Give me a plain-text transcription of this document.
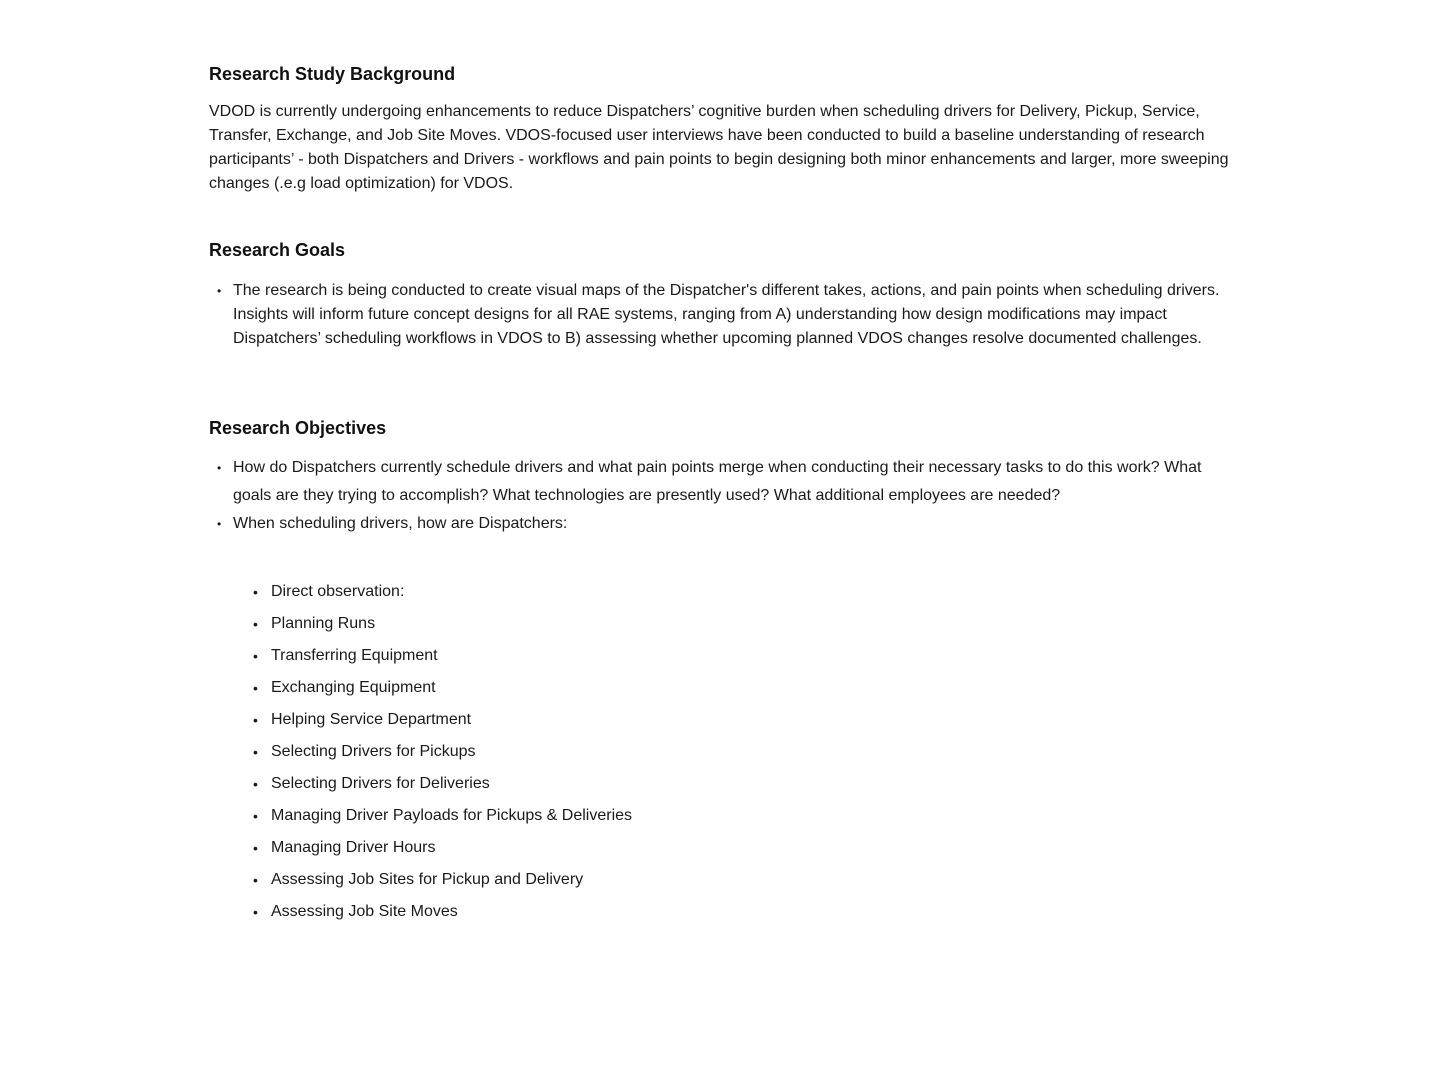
Research Study Background

VDOD is currently undergoing enhancements to reduce Dispatchers’ cognitive burden when scheduling drivers for Delivery, Pickup, Service, Transfer, Exchange, and Job Site Moves. VDOS-focused user interviews have been conducted to build a baseline understanding of research participants’ - both Dispatchers and Drivers - workflows and pain points to begin designing both minor enhancements and larger, more sweeping changes (.e.g load optimization) for VDOS.

Research Goals
• The research is being conducted to create visual maps of the Dispatcher's different takes, actions, and pain points when scheduling drivers. Insights will inform future concept designs for all RAE systems, ranging from A) understanding how design modifications may impact Dispatchers’ scheduling workflows in VDOS to B) assessing whether upcoming planned VDOS changes resolve documented challenges.
Research Objectives
• How do Dispatchers currently schedule drivers and what pain points merge when conducting their necessary tasks to do this work? What goals are they trying to accomplish? What technologies are presently used? What additional employees are needed?
• When scheduling drivers, how are Dispatchers:
• Direct observation:
• Planning Runs
• Transferring Equipment
• Exchanging Equipment
• Helping Service Department
• Selecting Drivers for Pickups
• Selecting Drivers for Deliveries
• Managing Driver Payloads for Pickups & Deliveries
• Managing Driver Hours
• Assessing Job Sites for Pickup and Delivery
• Assessing Job Site Moves
